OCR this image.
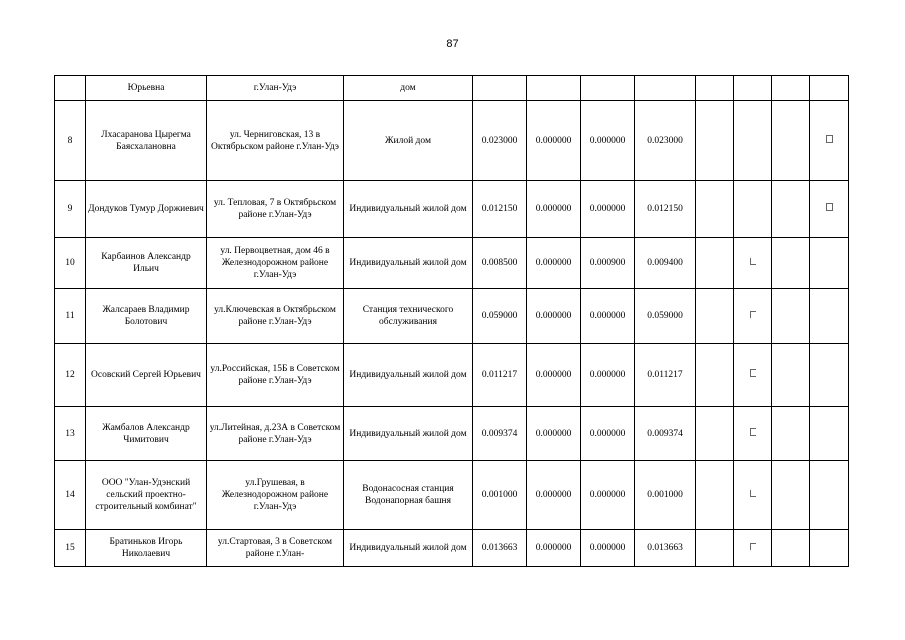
87
	Юрьевна	г.Улан-Удэ	дом								
8	Лхасаранова Цырегма Баясхалановна	ул. Черниговская, 13 в Октябрьском районе г.Улан-Удэ	Жилой дом	0.023000	0.000000	0.000000	0.023000				
9	Дондуков Тумур Доржиевич	ул. Тепловая, 7 в Октябрьском районе г.Улан-Удэ	Индивидуальный жилой дом	0.012150	0.000000	0.000000	0.012150				
10	Карбаинов Александр Ильич	ул. Первоцветная, дом 46 в Железнодорожном районе г.Улан-Удэ	Индивидуальный жилой дом	0.008500	0.000000	0.000900	0.009400				
11	Жалсараев Владимир Болотович	ул.Ключевская в Октябрьском районе г.Улан-Удэ	Станция технического обслуживания	0.059000	0.000000	0.000000	0.059000				
12	Осовский Сергей Юрьевич	ул.Российская, 15Б в Советском районе г.Улан-Удэ	Индивидуальный жилой дом	0.011217	0.000000	0.000000	0.011217				
13	Жамбалов Александр Чимитович	ул.Литейная, д.23А в Советском районе г.Улан-Удэ	Индивидуальный жилой дом	0.009374	0.000000	0.000000	0.009374				
14	ООО "Улан-Удэнский сельский проектно-строительный комбинат"	ул.Грушевая, в Железнодорожном районе г.Улан-Удэ	Водонасосная станция Водонапорная башня	0.001000	0.000000	0.000000	0.001000				
15	Братиньков Игорь Николаевич	ул.Стартовая, 3 в Советском районе г.Улан-	Индивидуальный жилой дом	0.013663	0.000000	0.000000	0.013663				
